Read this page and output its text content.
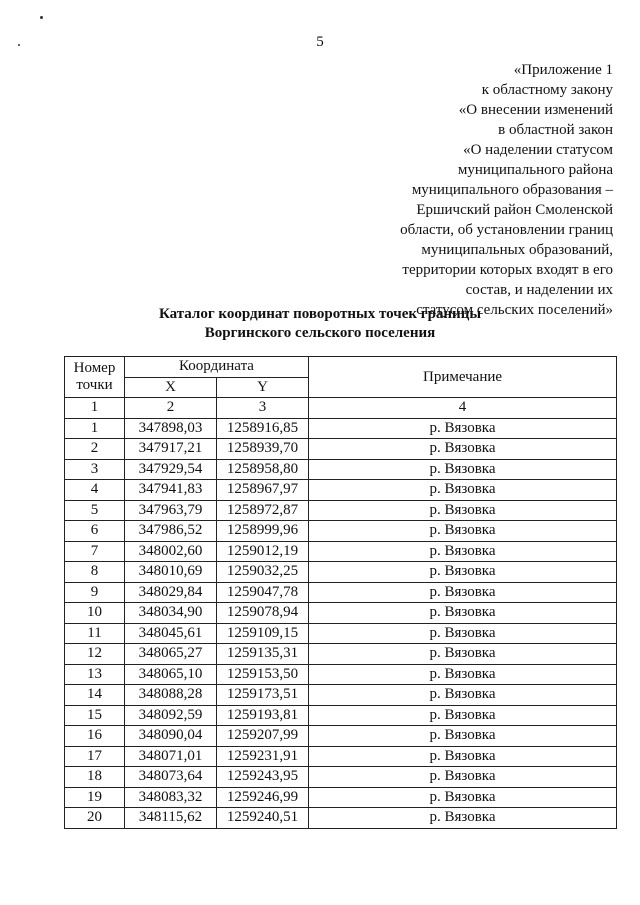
5
«Приложение 1
к областному закону
«О внесении изменений
в областной закон
«О наделении статусом
муниципального района
муниципального образования –
Ершичский район Смоленской
области, об установлении границ
муниципальных образований,
территории которых входят в его
состав, и наделении их
статусом сельских поселений»
Каталог координат поворотных точек границы
Воргинского сельского поселения
Номер
точки	Координата		Примечание
	X	Y	
1	2	3	4
1	347898,03	1258916,85	р. Вязовка
2	347917,21	1258939,70	р. Вязовка
3	347929,54	1258958,80	р. Вязовка
4	347941,83	1258967,97	р. Вязовка
5	347963,79	1258972,87	р. Вязовка
6	347986,52	1258999,96	р. Вязовка
7	348002,60	1259012,19	р. Вязовка
8	348010,69	1259032,25	р. Вязовка
9	348029,84	1259047,78	р. Вязовка
10	348034,90	1259078,94	р. Вязовка
11	348045,61	1259109,15	р. Вязовка
12	348065,27	1259135,31	р. Вязовка
13	348065,10	1259153,50	р. Вязовка
14	348088,28	1259173,51	р. Вязовка
15	348092,59	1259193,81	р. Вязовка
16	348090,04	1259207,99	р. Вязовка
17	348071,01	1259231,91	р. Вязовка
18	348073,64	1259243,95	р. Вязовка
19	348083,32	1259246,99	р. Вязовка
20	348115,62	1259240,51	р. Вязовка
